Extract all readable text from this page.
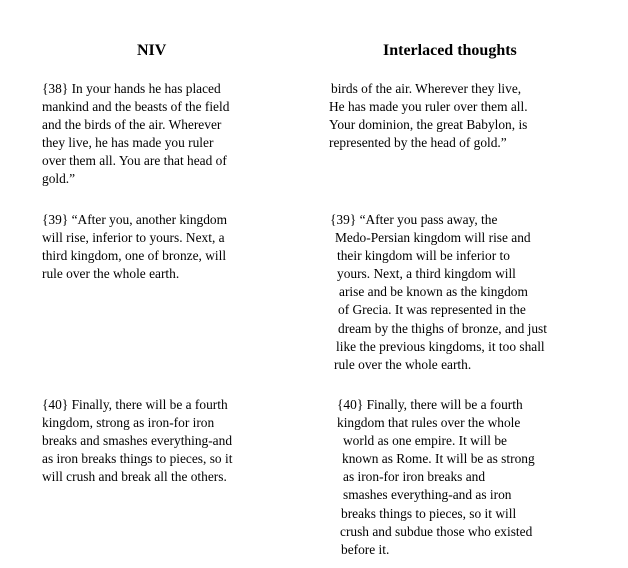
NIV	Interlaced thoughts
{38} In your hands he has placed
mankind and the beasts of the field
and the birds of the air. Wherever
they live, he has made you ruler
over them all. You are that head of
gold.”
{39} “After you, another kingdom
will rise, inferior to yours. Next, a
third kingdom, one of bronze, will
rule over the whole earth.
{40} Finally, there will be a fourth
kingdom, strong as iron-for iron
breaks and smashes everything-and
as iron breaks things to pieces, so it
will crush and break all the others.
birds of the air. Wherever they live,
He has made you ruler over them all.
Your dominion, the great Babylon, is
represented by the head of gold.”
{39} “After you pass away, the
Medo-Persian kingdom will rise and
their kingdom will be inferior to
yours. Next, a third kingdom will
arise and be known as the kingdom
of Grecia. It was represented in the
dream by the thighs of bronze, and just
like the previous kingdoms, it too shall
rule over the whole earth.
{40} Finally, there will be a fourth
kingdom that rules over the whole
world as one empire. It will be
known as Rome. It will be as strong
as iron-for iron breaks and
smashes everything-and as iron
breaks things to pieces, so it will
crush and subdue those who existed
before it.
